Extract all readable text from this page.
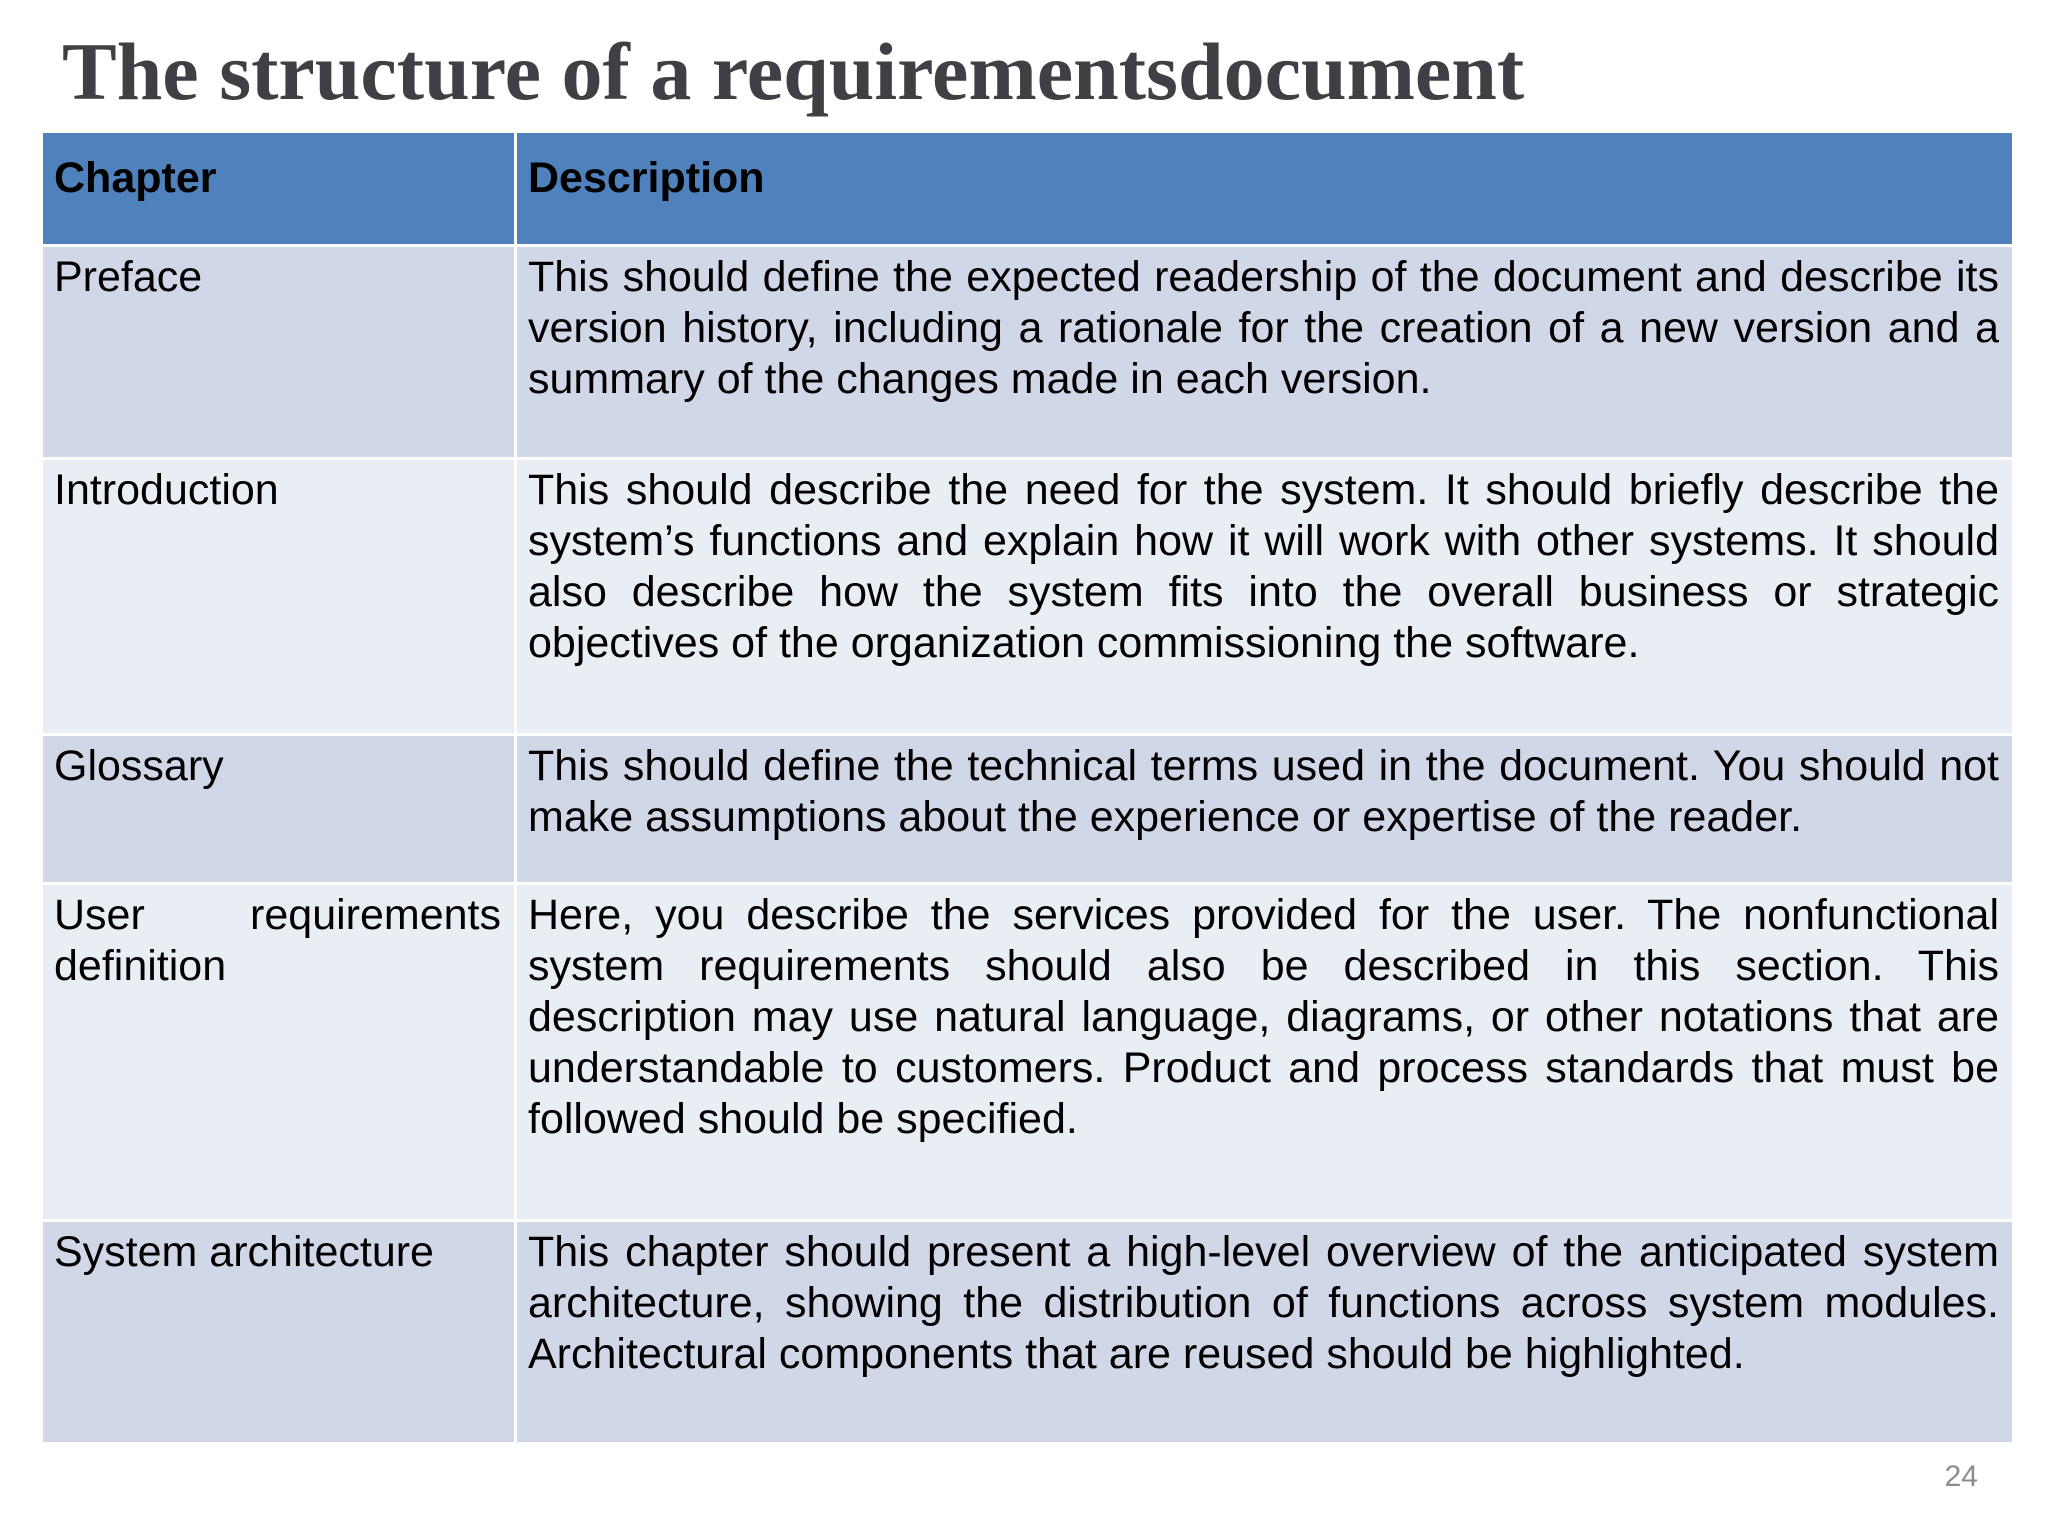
The structure of a requirementsdocument
Chapter	Description
Preface	This should define the expected readership of the document and describe its version history, including a rationale for the creation of a new version and a summary of the changes made in each version.
Introduction	This should describe the need for the system. It should briefly describe the system’s functions and explain how it will work with other systems. It should also describe how the system fits into the overall business or strategic objectives of the organization commissioning the software.
Glossary	This should define the technical terms used in the document. You should not make assumptions about the experience or expertise of the reader.
User requirements definition	Here, you describe the services provided for the user. The nonfunctional system requirements should also be described in this section. This description may use natural language, diagrams, or other notations that are understandable to customers. Product and process standards that must be followed should be specified.
System architecture	This chapter should present a high-level overview of the anticipated system architecture, showing the distribution of functions across system modules. Architectural components that are reused should be highlighted.
24
